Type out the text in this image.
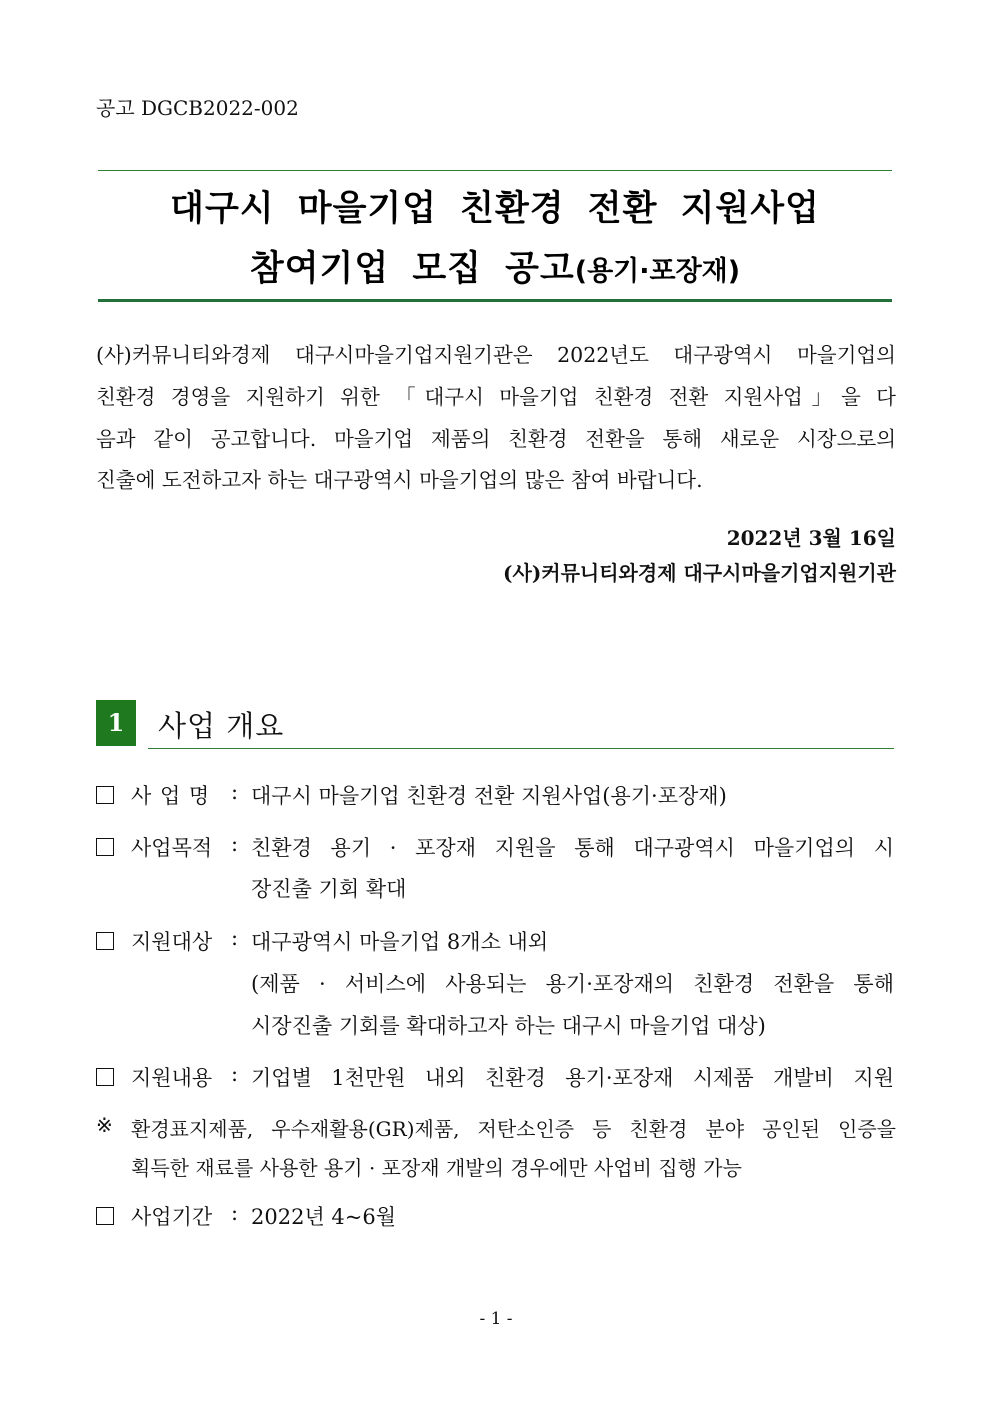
공고 DGCB2022-002
대구시 마을기업 친환경 전환 지원사업
참여기업 모집 공고(용기·포장재)
(사)커뮤니티와경제 대구시마을기업지원기관은 2022년도 대구광역시 마을기업의
친환경 경영을 지원하기 위한 「대구시 마을기업 친환경 전환 지원사업」을 다
음과 같이 공고합니다. 마을기업 제품의 친환경 전환을 통해 새로운 시장으로의
진출에 도전하고자 하는 대구광역시 마을기업의 많은 참여 바랍니다.
2022년 3월 16일
(사)커뮤니티와경제 대구시마을기업지원기관
1	사업 개요
사 업 명 : 대구시 마을기업 친환경 전환 지원사업(용기·포장재)
사업목적 : 친환경 용기 · 포장재 지원을 통해 대구광역시 마을기업의 시
장진출 기회 확대
지원대상 : 대구광역시 마을기업 8개소 내외
(제품 · 서비스에 사용되는 용기·포장재의 친환경 전환을 통해
시장진출 기회를 확대하고자 하는 대구시 마을기업 대상)
지원내용 : 기업별 1천만원 내외 친환경 용기·포장재 시제품 개발비 지원
※ 환경표지제품, 우수재활용(GR)제품, 저탄소인증 등 친환경 분야 공인된 인증을
획득한 재료를 사용한 용기 · 포장재 개발의 경우에만 사업비 집행 가능
사업기간 : 2022년 4~6월
- 1 -
